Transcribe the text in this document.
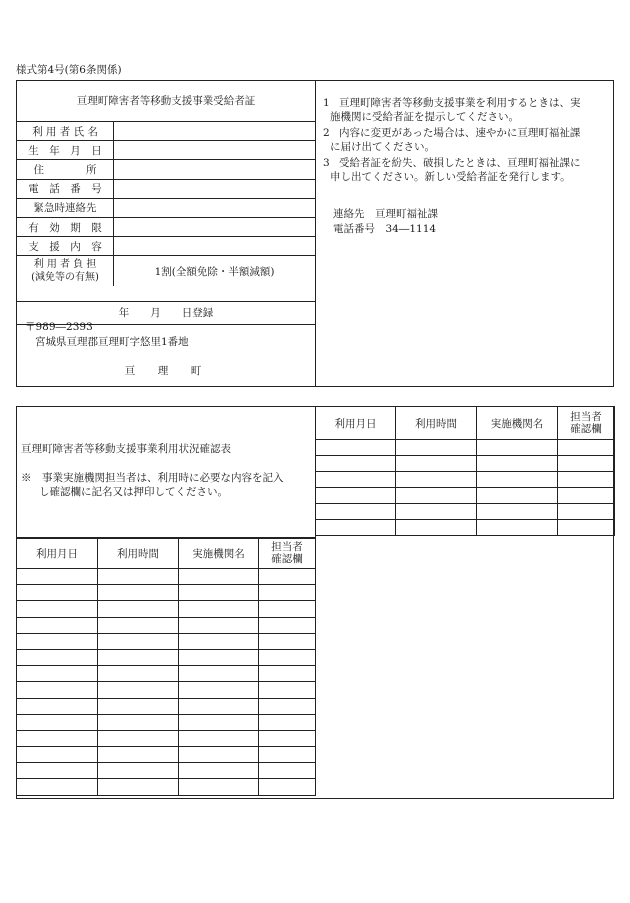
様式第4号(第6条関係)
亘理町障害者等移動支援事業受給者証
利 用 者 氏 名	
生　年　月　日	
住　　　　所	
電　話　番　号	
緊急時連絡先	
有　効　期　限	
支　援　内　容	
利 用 者 負 担
(減免等の有無)	1割(全額免除・半額減額)
年　　月　　日登録
〒989―2393
宮城県亘理郡亘理町字悠里1番地
亘　理　町
1 亘理町障害者等移動支援事業を利用するときは、実
施機関に受給者証を提示してください。
2 内容に変更があった場合は、速やかに亘理町福祉課
に届け出てください。
3 受給者証を紛失、破損したときは、亘理町福祉課に
申し出てください。新しい受給者証を発行します。
連絡先　亘理町福祉課
電話番号　34―1114
亘理町障害者等移動支援事業利用状況確認表
※　事業実施機関担当者は、利用時に必要な内容を記入
し確認欄に記名又は押印してください。
利用月日	利用時間	実施機関名	担当者
確認欄

利用月日	利用時間	実施機関名	担当者
確認欄
